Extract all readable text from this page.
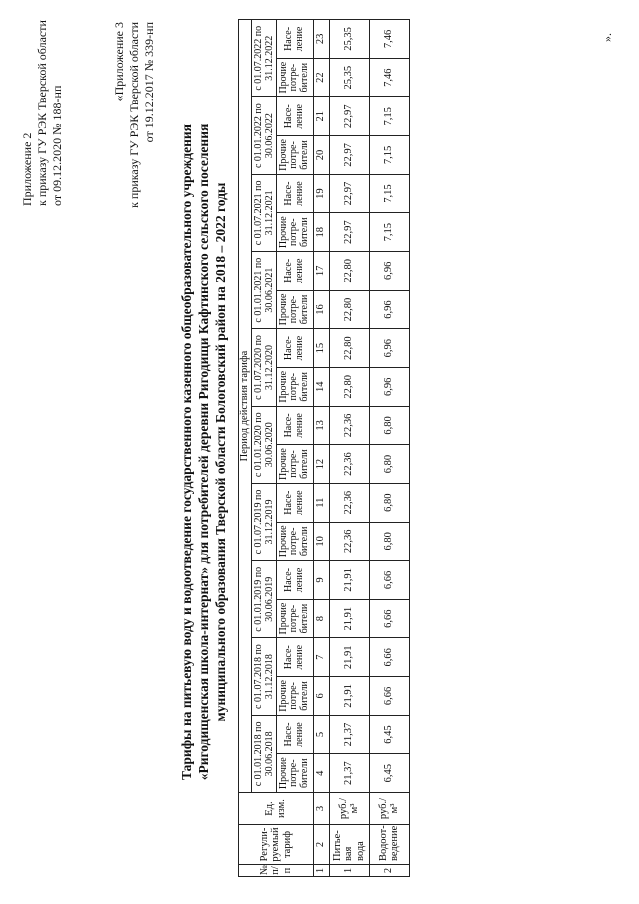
Приложение 2 к приказу ГУ РЭК Тверской области от 09.12.2020 № 188-нп
«Приложение 3 к приказу ГУ РЭК Тверской области от 19.12.2017 № 339-нп
Тарифы на питьевую воду и водоотведение государственного казенного общеобразовательного учреждения «Ригодищенская школа-интернат» для потребителей деревни Ригодищи Кафтинского сельского поселения муниципального образования Тверской области Бологовский район на 2018 – 2022 годы
№ п/ п	Регули-руемый тариф	Ед. изм.	Период действия тарифа																			
			с 01.01.2018 по 30.06.2018		с 01.07.2018 по 31.12.2018		с 01.01.2019 по 30.06.2019		с 01.07.2019 по 31.12.2019		с 01.01.2020 по 30.06.2020		с 01.07.2020 по 31.12.2020		с 01.01.2021 по 30.06.2021		с 01.07.2021 по 31.12.2021		с 01.01.2022 по 30.06.2022		с 01.07.2022 по 31.12.2022	
			Прочие потре-бители	Насе-ление	Прочие потре-бители	Насе-ление	Прочие потре-бители	Насе-ление	Прочие потре-бители	Насе-ление	Прочие потре-бители	Насе-ление	Прочие потре-бители	Насе-ление	Прочие потре-бители	Насе-ление	Прочие потре-бители	Насе-ление	Прочие потре-бители	Насе-ление	Прочие потре-бители	Насе-ление
1	2	3	4	5	6	7	8	9	10	11	12	13	14	15	16	17	18	19	20	21	22	23
1	Питье-вая вода	руб./м³	21,37	21,37	21,91	21,91	21,91	21,91	22,36	22,36	22,36	22,36	22,80	22,80	22,80	22,80	22,97	22,97	22,97	22,97	25,35	25,35
2	Водоот-ведение	руб./м³	6,45	6,45	6,66	6,66	6,66	6,66	6,80	6,80	6,80	6,80	6,96	6,96	6,96	6,96	7,15	7,15	7,15	7,15	7,46	7,46	».
